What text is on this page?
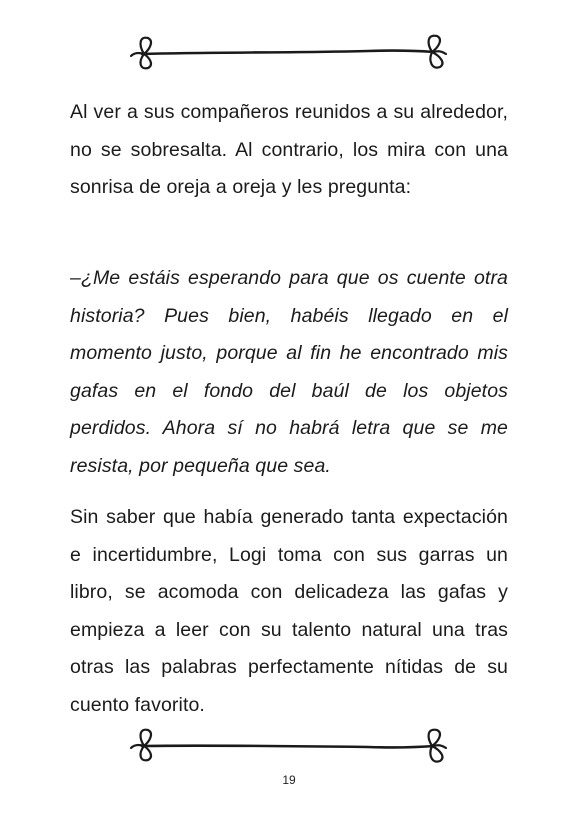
Al ver a sus compañeros reunidos a su alrededor, no se sobresalta. Al contrario, los mira con una sonrisa de oreja a oreja y les pregunta:

–¿Me estáis esperando para que os cuente otra historia? Pues bien, habéis llegado en el momento justo, porque al fin he encontrado mis gafas en el fondo del baúl de los objetos perdidos. Ahora sí no habrá letra que se me resista, por pequeña que sea.

Sin saber que había generado tanta expectación e incertidumbre, Logi toma con sus garras un libro, se acomoda con delicadeza las gafas y empieza a leer con su talento natural una tras otras las palabras perfectamente nítidas de su cuento favorito.

19
